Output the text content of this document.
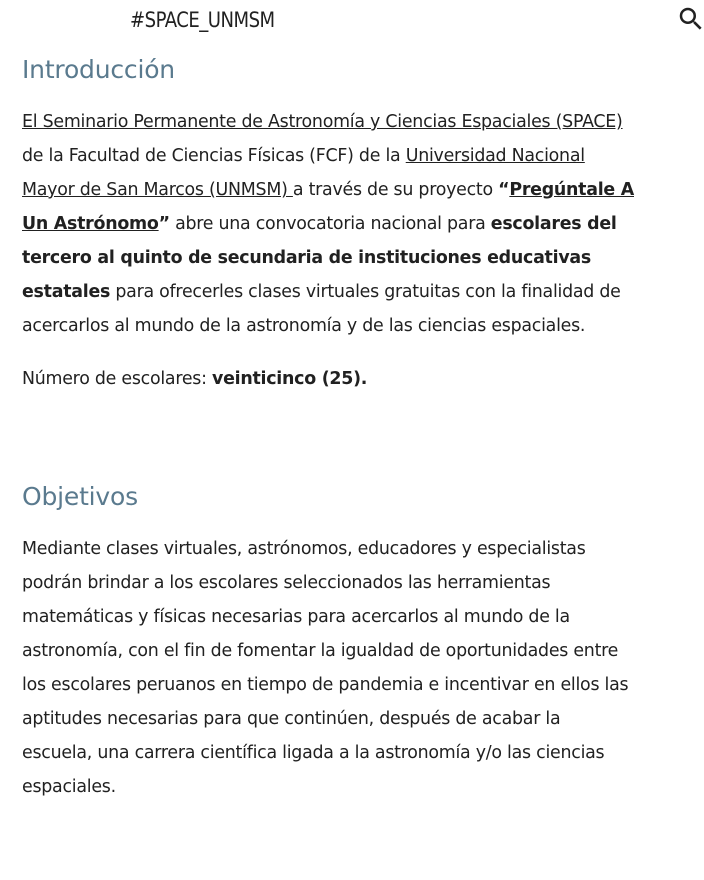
#SPACE_UNMSM
Introducción

El Seminario Permanente de Astronomía y Ciencias Espaciales (SPACE) de la Facultad de Ciencias Físicas (FCF) de la Universidad Nacional Mayor de San Marcos (UNMSM) a través de su proyecto “Pregúntale A Un Astrónomo” abre una convocatoria nacional para escolares del tercero al quinto de secundaria de instituciones educativas estatales para ofrecerles clases virtuales gratuitas con la finalidad de acercarlos al mundo de la astronomía y de las ciencias espaciales.

Número de escolares: veinticinco (25).

Objetivos

Mediante clases virtuales, astrónomos, educadores y especialistas podrán brindar a los escolares seleccionados las herramientas matemáticas y físicas necesarias para acercarlos al mundo de la astronomía, con el fin de fomentar la igualdad de oportunidades entre los escolares peruanos en tiempo de pandemia e incentivar en ellos las aptitudes necesarias para que continúen, después de acabar la escuela, una carrera científica ligada a la astronomía y/o las ciencias espaciales.
